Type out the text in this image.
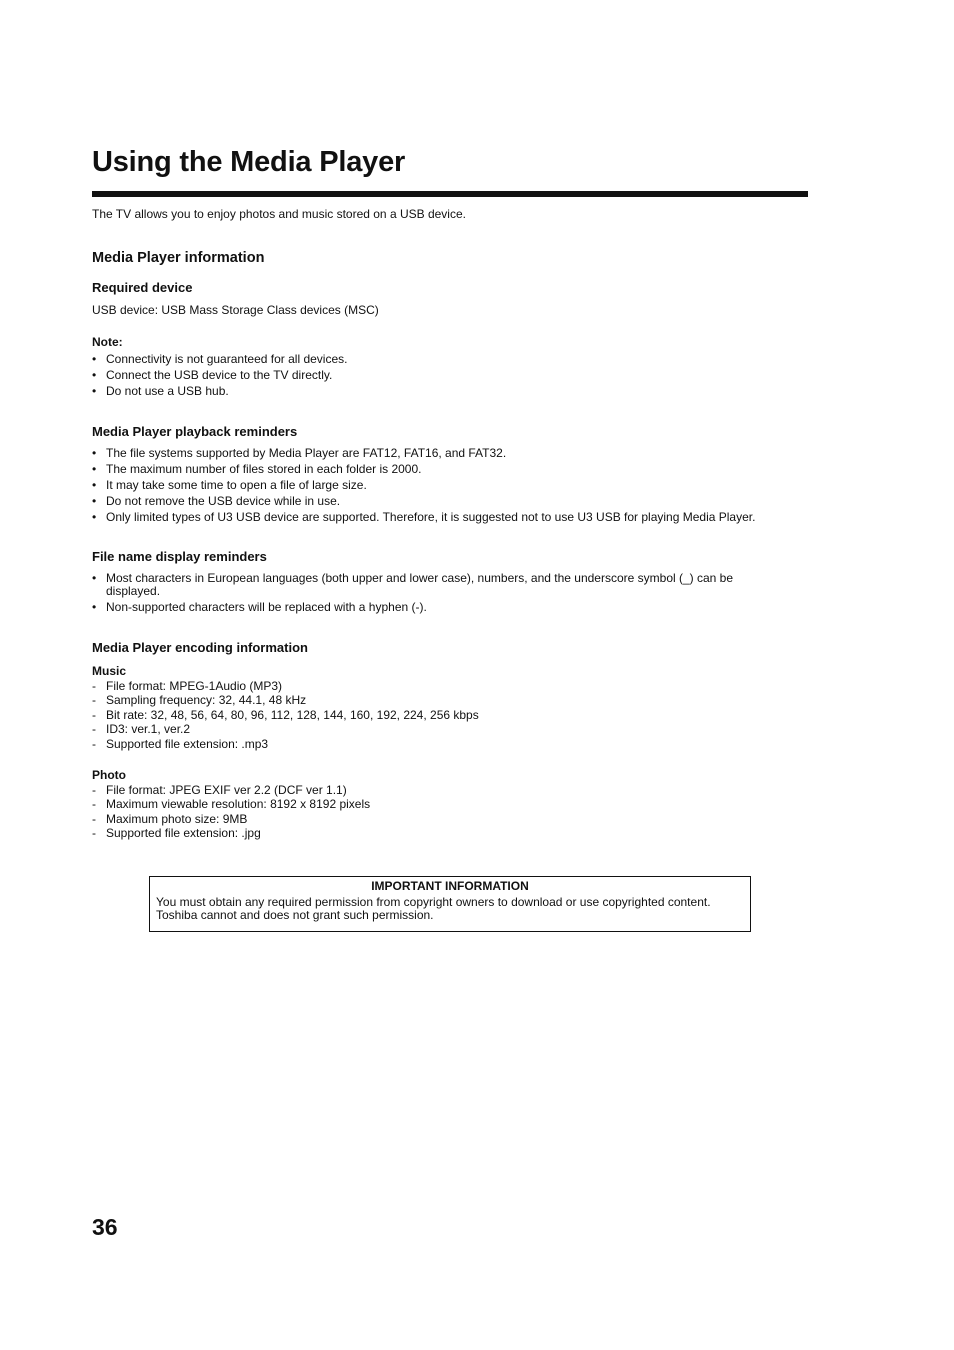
Using the Media Player

The TV allows you to enjoy photos and music stored on a USB device.

Media Player information
Required device

USB device: USB Mass Storage Class devices (MSC)

Note:
• Connectivity is not guaranteed for all devices.
• Connect the USB device to the TV directly.
• Do not use a USB hub.
Media Player playback reminders
• The file systems supported by Media Player are FAT12, FAT16, and FAT32.
• The maximum number of files stored in each folder is 2000.
• It may take some time to open a file of large size.
• Do not remove the USB device while in use.
• Only limited types of U3 USB device are supported. Therefore, it is suggested not to use U3 USB for playing Media Player.
File name display reminders
• Most characters in European languages (both upper and lower case), numbers, and the underscore symbol (_) can be displayed.
• Non-supported characters will be replaced with a hyphen (-).
Media Player encoding information
Music
- File format: MPEG-1Audio (MP3)
- Sampling frequency: 32, 44.1, 48 kHz
- Bit rate: 32, 48, 56, 64, 80, 96, 112, 128, 144, 160, 192, 224, 256 kbps
- ID3: ver.1, ver.2
- Supported file extension: .mp3
Photo
- File format: JPEG EXIF ver 2.2 (DCF ver 1.1)
- Maximum viewable resolution: 8192 x 8192 pixels
- Maximum photo size: 9MB
- Supported file extension: .jpg
IMPORTANT INFORMATION
You must obtain any required permission from copyright owners to download or use copyrighted content.
Toshiba cannot and does not grant such permission.
36
